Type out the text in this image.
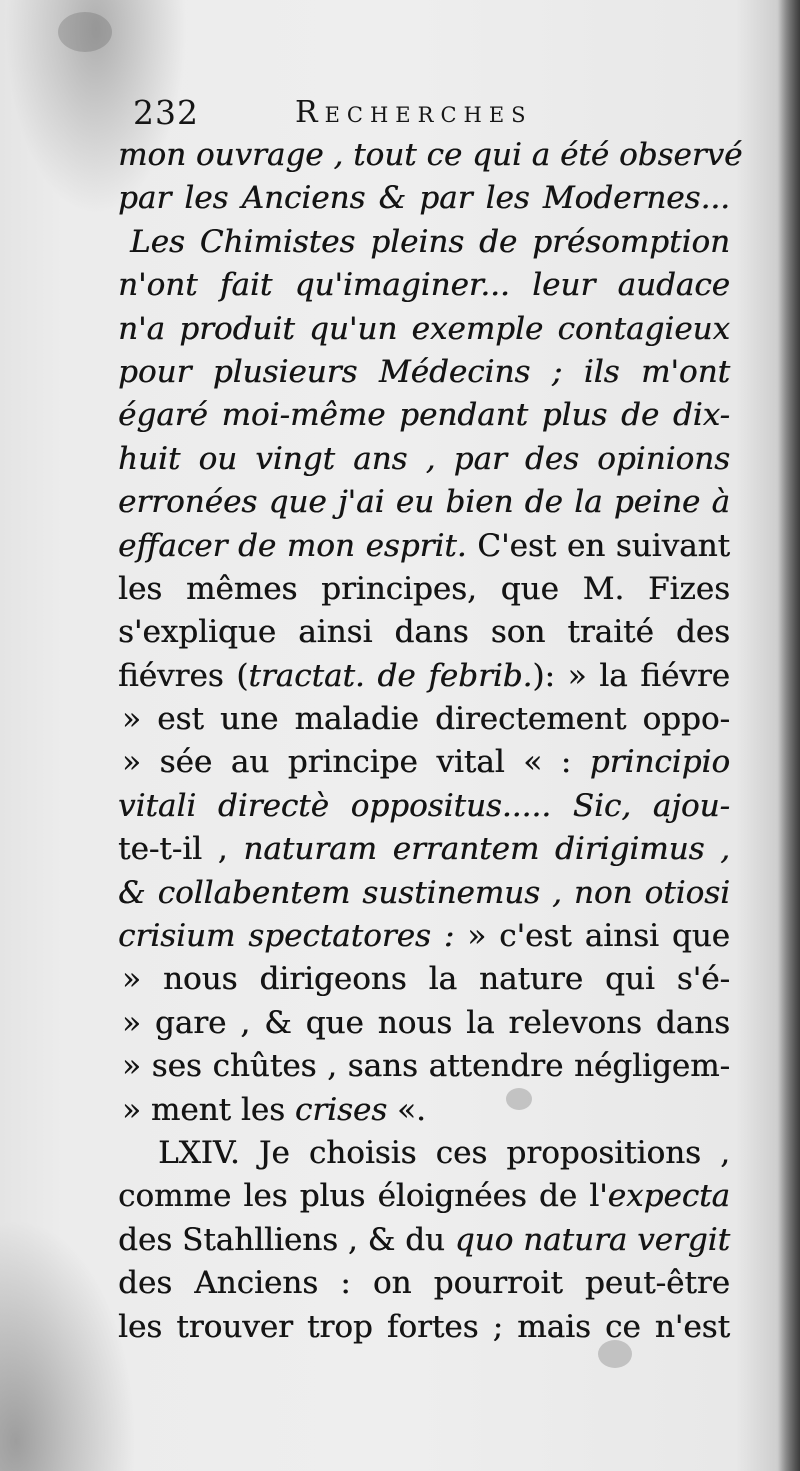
232	Recherches
mon ouvrage , tout ce qui a été observé
par les Anciens & par les Modernes...
Les Chimistes pleins de présomption
n'ont fait qu'imaginer... leur audace
n'a produit qu'un exemple contagieux
pour plusieurs Médecins ; ils m'ont
égaré moi-même pendant plus de dix-
huit ou vingt ans , par des opinions
erronées que j'ai eu bien de la peine à
effacer de mon esprit. C'est en suivant
les mêmes principes, que M. Fizes
s'explique ainsi dans son traité des
fiévres (tractat. de febrib.): » la fiévre
» est une maladie directement oppo-
» sée au principe vital « : principio
vitali directè oppositus..... Sic, ajou-
te-t-il , naturam errantem dirigimus ,
& collabentem sustinemus , non otiosi
crisium spectatores : » c'est ainsi que
» nous dirigeons la nature qui s'é-
» gare , & que nous la relevons dans
» ses chûtes , sans attendre négligem-
» ment les crises «.
LXIV. Je choisis ces propositions ,
comme les plus éloignées de l'expecta
des Stahlliens , & du quo natura vergit
des Anciens : on pourroit peut-être
les trouver trop fortes ; mais ce n'est
